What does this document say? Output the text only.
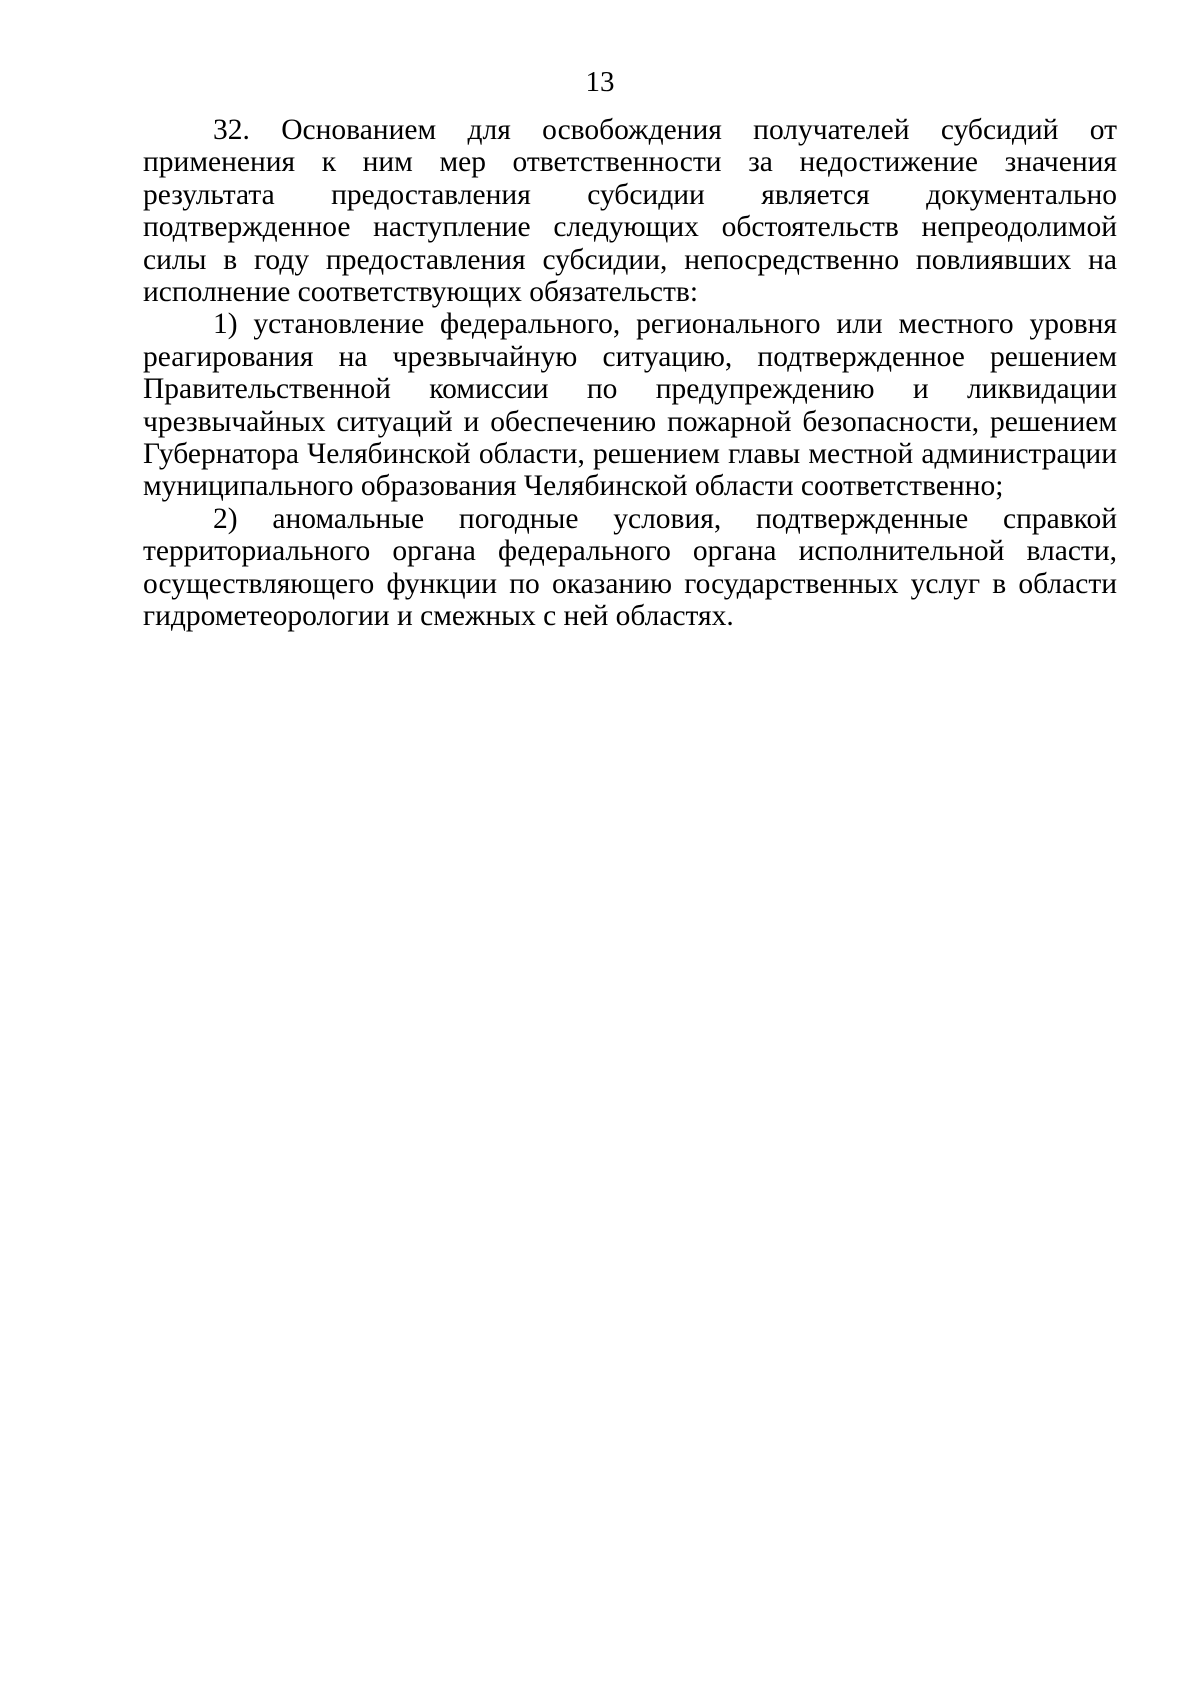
13

32. Основанием для освобождения получателей субсидий от применения к ним мер ответственности за недостижение значения результата предоставления субсидии является документально подтвержденное наступление следующих обстоятельств непреодолимой силы в году предоставления субсидии, непосредственно повлиявших на исполнение соответствующих обязательств:

1) установление федерального, регионального или местного уровня реагирования на чрезвычайную ситуацию, подтвержденное решением Правительственной комиссии по предупреждению и ликвидации чрезвычайных ситуаций и обеспечению пожарной безопасности, решением Губернатора Челябинской области, решением главы местной администрации муниципального образования Челябинской области соответственно;

2) аномальные погодные условия, подтвержденные справкой территориального органа федерального органа исполнительной власти, осуществляющего функции по оказанию государственных услуг в области гидрометеорологии и смежных с ней областях.
